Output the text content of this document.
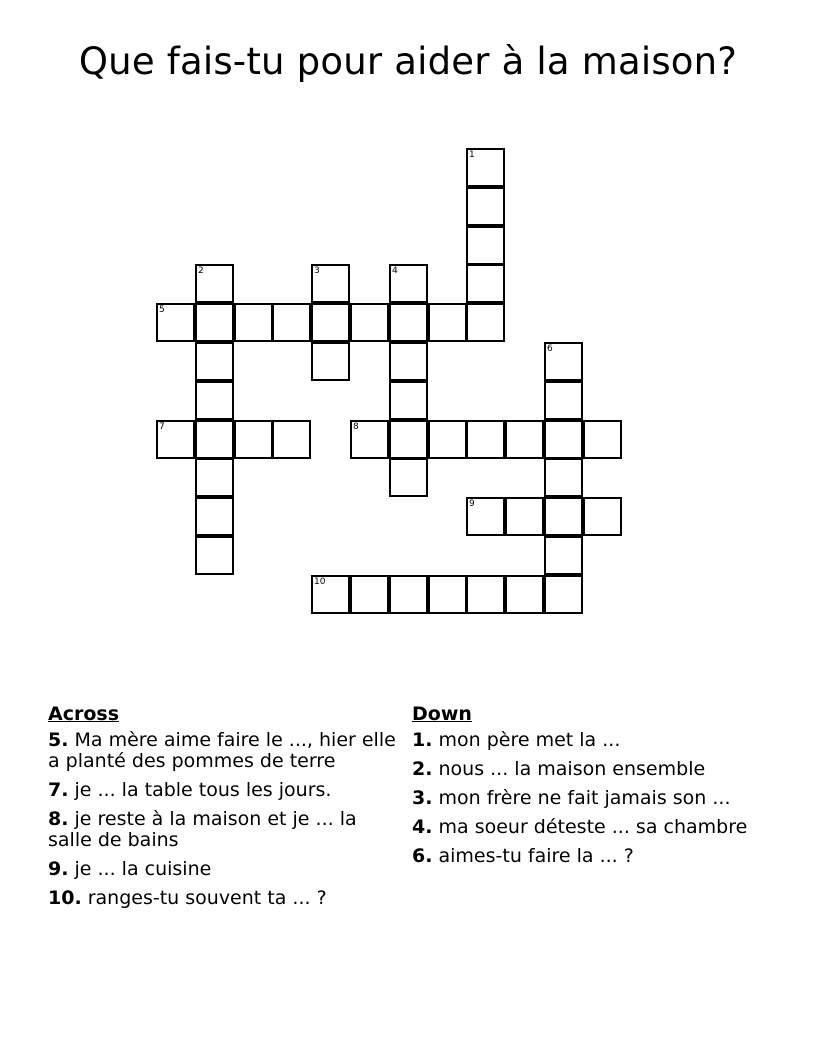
Que fais-tu pour aider à la maison?
1
2	3	4
5
6
7	8
9
10
Across
5. Ma mère aime faire le ..., hier elle a planté des pommes de terre
7. je ... la table tous les jours.
8. je reste à la maison et je ... la salle de bains
9. je ... la cuisine
10. ranges-tu souvent ta ... ?
Down
1. mon père met la ...
2. nous ... la maison ensemble
3. mon frère ne fait jamais son ...
4. ma soeur déteste ... sa chambre
6. aimes-tu faire la ... ?
